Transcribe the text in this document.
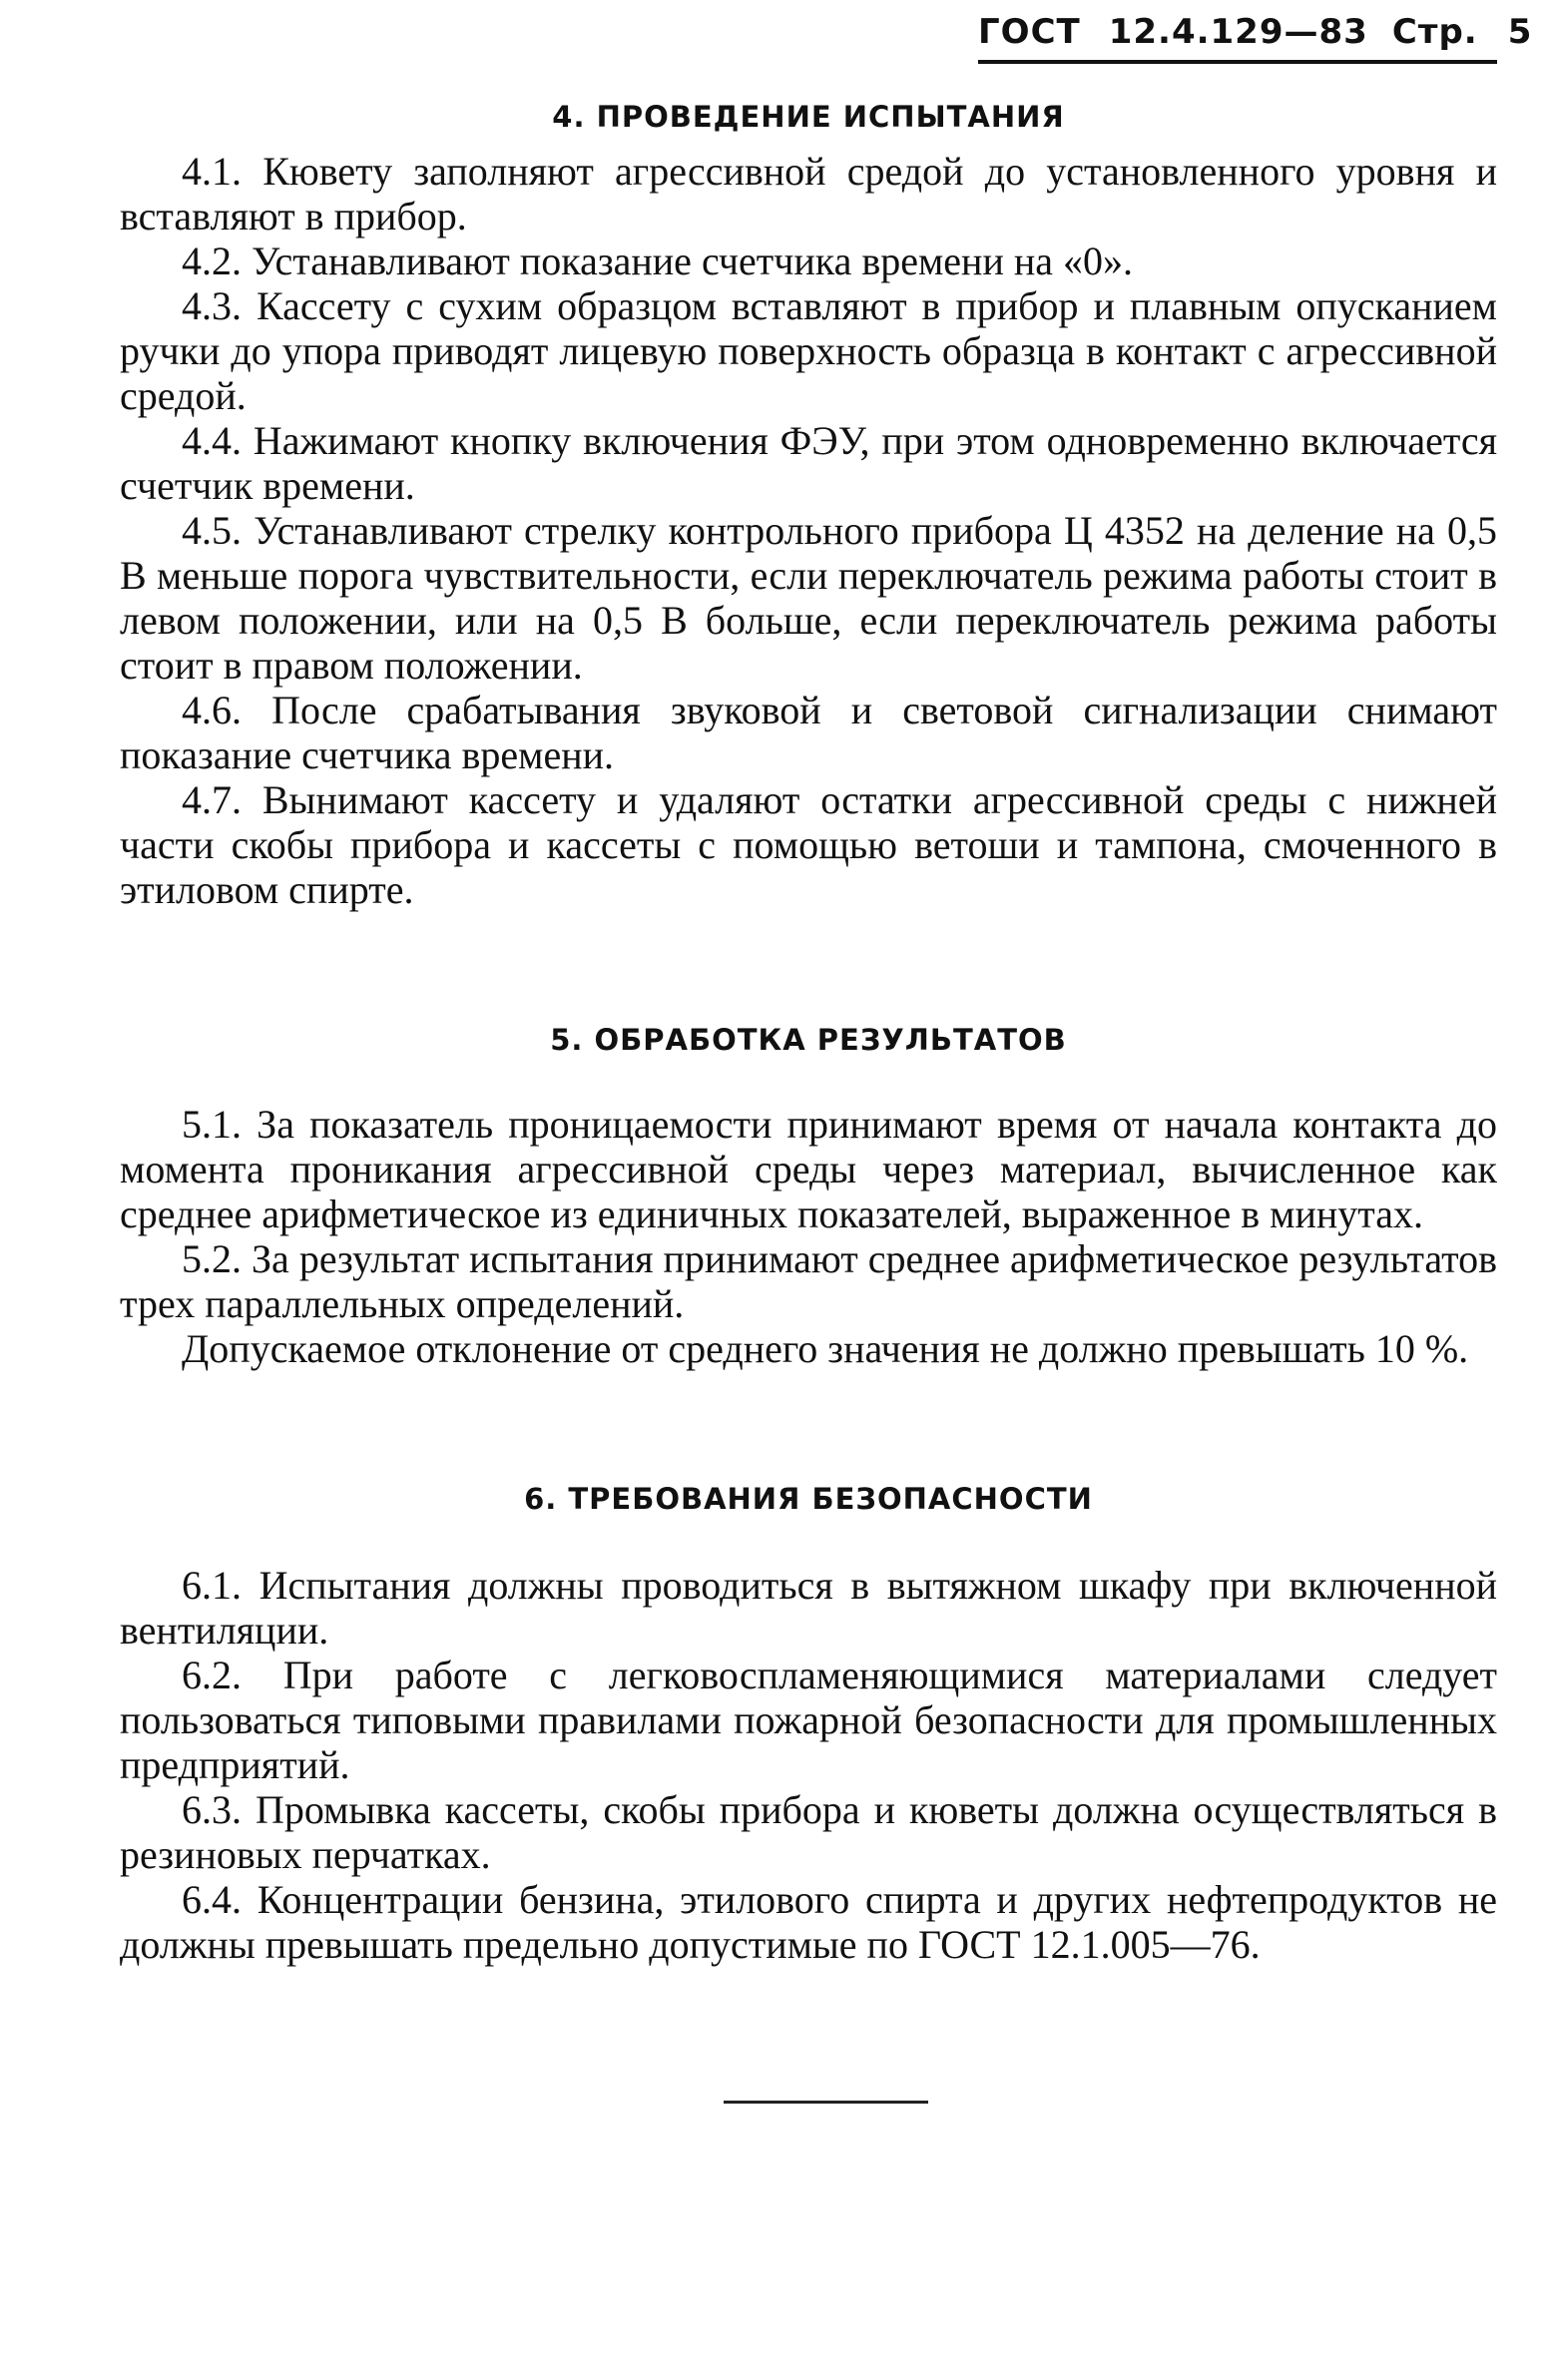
ГОСТ 12.4.129—83 Стр. 5
4. ПРОВЕДЕНИЕ ИСПЫТАНИЯ

4.1. Кювету заполняют агрессивной средой до установленного уровня и вставляют в прибор.

4.2. Устанавливают показание счетчика времени на «0».

4.3. Кассету с сухим образцом вставляют в прибор и плавным опусканием ручки до упора приводят лицевую поверхность образца в контакт с агрессивной средой.

4.4. Нажимают кнопку включения ФЭУ, при этом одновременно включается счетчик времени.

4.5. Устанавливают стрелку контрольного прибора Ц 4352 на деление на 0,5 В меньше порога чувствительности, если переключатель режима работы стоит в левом положении, или на 0,5 В больше, если переключатель режима работы стоит в правом положении.

4.6. После срабатывания звуковой и световой сигнализации снимают показание счетчика времени.

4.7. Вынимают кассету и удаляют остатки агрессивной среды с нижней части скобы прибора и кассеты с помощью ветоши и тампона, смоченного в этиловом спирте.

5. ОБРАБОТКА РЕЗУЛЬТАТОВ

5.1. За показатель проницаемости принимают время от начала контакта до момента проникания агрессивной среды через материал, вычисленное как среднее арифметическое из единичных показателей, выраженное в минутах.

5.2. За результат испытания принимают среднее арифметическое результатов трех параллельных определений.

Допускаемое отклонение от среднего значения не должно превышать 10 %.

6. ТРЕБОВАНИЯ БЕЗОПАСНОСТИ

6.1. Испытания должны проводиться в вытяжном шкафу при включенной вентиляции.

6.2. При работе с легковоспламеняющимися материалами следует пользоваться типовыми правилами пожарной безопасности для промышленных предприятий.

6.3. Промывка кассеты, скобы прибора и кюветы должна осуществляться в резиновых перчатках.

6.4. Концентрации бензина, этилового спирта и других нефтепродуктов не должны превышать предельно допустимые по ГОСТ 12.1.005—76.
